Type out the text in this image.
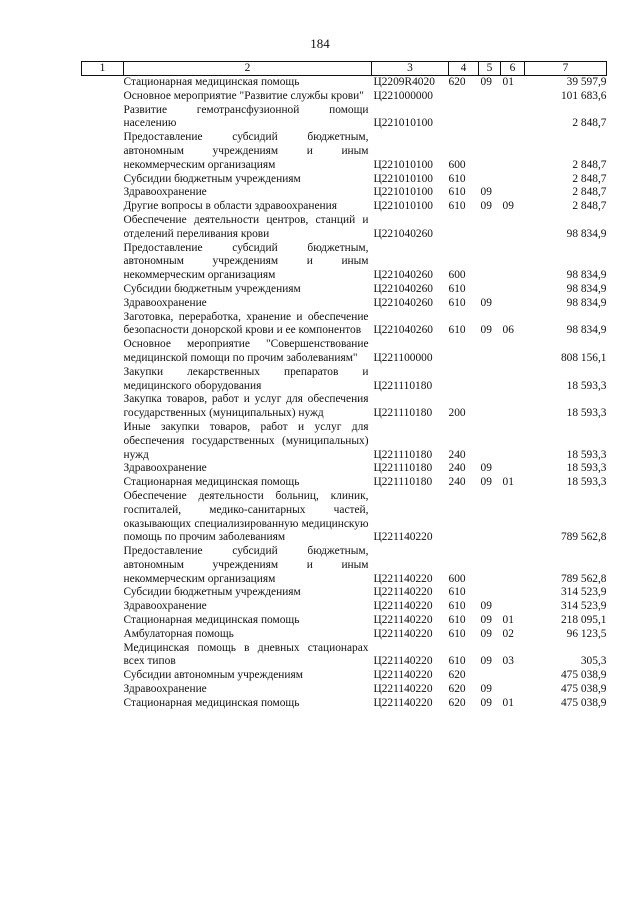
184
1	2	3	4	5	6	7
	Стационарная медицинская помощь	Ц2209R4020	620	09	01	39 597,9
	Основное мероприятие "Развитие службы крови"	Ц221000000				101 683,6
	Развитие гемотрансфузионной помощи населению	Ц221010100				2 848,7
	Предоставление субсидий бюджетным, автономным учреждениям и иным некоммерческим организациям	Ц221010100	600			2 848,7
	Субсидии бюджетным учреждениям	Ц221010100	610			2 848,7
	Здравоохранение	Ц221010100	610	09		2 848,7
	Другие вопросы в области здравоохранения	Ц221010100	610	09	09	2 848,7
	Обеспечение деятельности центров, станций и отделений переливания крови	Ц221040260				98 834,9
	Предоставление субсидий бюджетным, автономным учреждениям и иным некоммерческим организациям	Ц221040260	600			98 834,9
	Субсидии бюджетным учреждениям	Ц221040260	610			98 834,9
	Здравоохранение	Ц221040260	610	09		98 834,9
	Заготовка, переработка, хранение и обеспечение безопасности донорской крови и ее компонентов	Ц221040260	610	09	06	98 834,9
	Основное мероприятие "Совершенствование медицинской помощи по прочим заболеваниям"	Ц221100000				808 156,1
	Закупки лекарственных препаратов и медицинского оборудования	Ц221110180				18 593,3
	Закупка товаров, работ и услуг для обеспечения государственных (муниципальных) нужд	Ц221110180	200			18 593,3
	Иные закупки товаров, работ и услуг для обеспечения государственных (муниципальных) нужд	Ц221110180	240			18 593,3
	Здравоохранение	Ц221110180	240	09		18 593,3
	Стационарная медицинская помощь	Ц221110180	240	09	01	18 593,3
	Обеспечение деятельности больниц, клиник, госпиталей, медико-санитарных частей, оказывающих специализированную медицинскую помощь по прочим заболеваниям	Ц221140220				789 562,8
	Предоставление субсидий бюджетным, автономным учреждениям и иным некоммерческим организациям	Ц221140220	600			789 562,8
	Субсидии бюджетным учреждениям	Ц221140220	610			314 523,9
	Здравоохранение	Ц221140220	610	09		314 523,9
	Стационарная медицинская помощь	Ц221140220	610	09	01	218 095,1
	Амбулаторная помощь	Ц221140220	610	09	02	96 123,5
	Медицинская помощь в дневных стационарах всех типов	Ц221140220	610	09	03	305,3
	Субсидии автономным учреждениям	Ц221140220	620			475 038,9
	Здравоохранение	Ц221140220	620	09		475 038,9
	Стационарная медицинская помощь	Ц221140220	620	09	01	475 038,9
